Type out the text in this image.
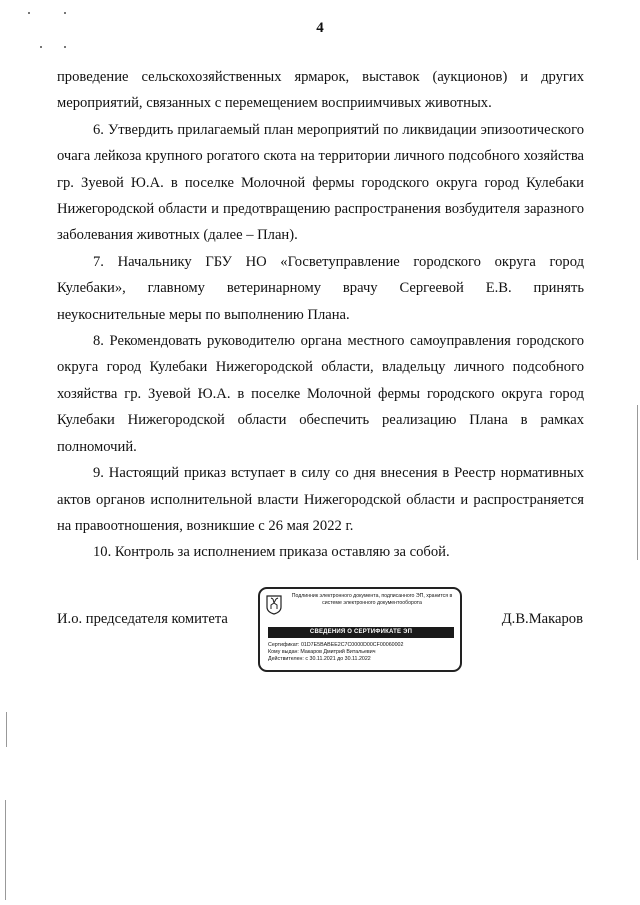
4

проведение сельскохозяйственных ярмарок, выставок (аукционов) и других мероприятий, связанных с перемещением восприимчивых животных.

6. Утвердить прилагаемый план мероприятий по ликвидации эпизоотического очага лейкоза крупного рогатого скота на территории личного подсобного хозяйства гр. Зуевой Ю.А. в поселке Молочной фермы городского округа город Кулебаки Нижегородской области и предотвращению распространения возбудителя заразного заболевания животных (далее – План).

7. Начальнику ГБУ НО «Госветуправление городского округа город Кулебаки», главному ветеринарному врачу Сергеевой Е.В. принять неукоснительные меры по выполнению Плана.

8. Рекомендовать руководителю органа местного самоуправления городского округа город Кулебаки Нижегородской области, владельцу личного подсобного хозяйства гр. Зуевой Ю.А. в поселке Молочной фермы городского округа город Кулебаки Нижегородской области обеспечить реализацию Плана в рамках полномочий.

9. Настоящий приказ вступает в силу со дня внесения в Реестр нормативных актов органов исполнительной власти Нижегородской области и распространяется на правоотношения, возникшие с 26 мая 2022 г.

10. Контроль за исполнением приказа оставляю за собой.

И.о. председателя комитета	Д.В.Макаров
Подлинник электронного документа, подписанного ЭП, хранится в системе электронного документооборота
СВЕДЕНИЯ О СЕРТИФИКАТЕ ЭП
Сертификат: 01D7E5BABEE2C7C0000D00CF00060002
Кому выдан: Макаров Дмитрий Витальевич
Действителен: с 30.11.2021 до 30.11.2022
